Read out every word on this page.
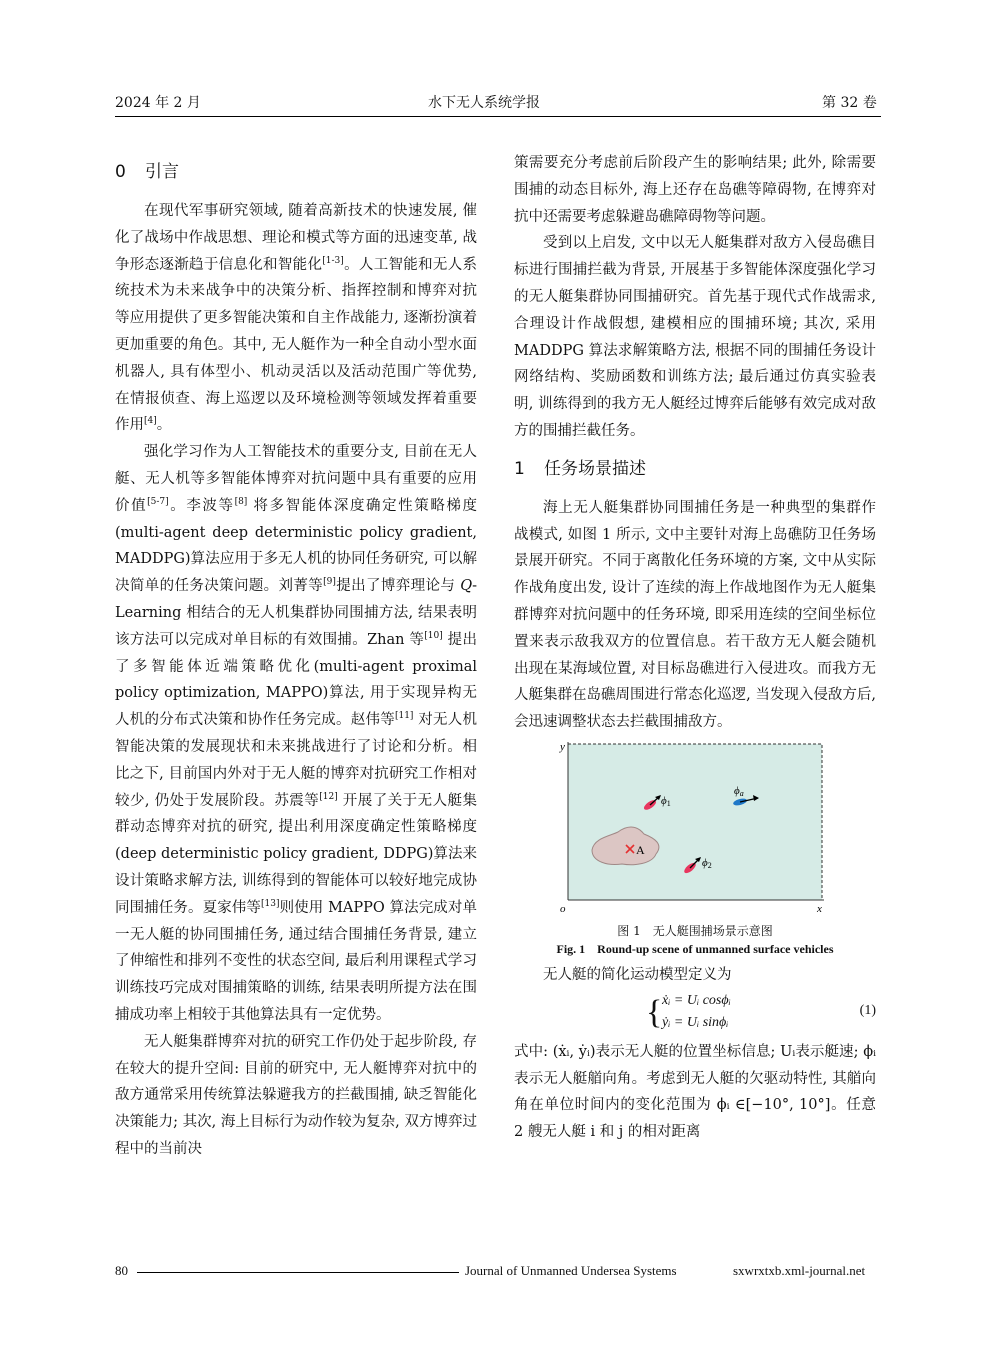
2024 年 2 月	水下无人系统学报	第 32 卷
0 引言

在现代军事研究领域, 随着高新技术的快速发展, 催化了战场中作战思想、理论和模式等方面的迅速变革, 战争形态逐渐趋于信息化和智能化[1-3]。人工智能和无人系统技术为未来战争中的决策分析、指挥控制和博弈对抗等应用提供了更多智能决策和自主作战能力, 逐渐扮演着更加重要的角色。其中, 无人艇作为一种全自动小型水面机器人, 具有体型小、机动灵活以及活动范围广等优势, 在情报侦查、海上巡逻以及环境检测等领域发挥着重要作用[4]。

强化学习作为人工智能技术的重要分支, 目前在无人艇、无人机等多智能体博弈对抗问题中具有重要的应用价值[5-7]。李波等[8] 将多智能体深度确定性策略梯度(multi-agent deep deterministic policy gradient, MADDPG)算法应用于多无人机的协同任务研究, 可以解决简单的任务决策问题。刘菁等[9]提出了博弈理论与 Q-Learning 相结合的无人机集群协同围捕方法, 结果表明该方法可以完成对单目标的有效围捕。Zhan 等[10] 提出了多智能体近端策略优化(multi-agent proximal policy optimization, MAPPO)算法, 用于实现异构无人机的分布式决策和协作任务完成。赵伟等[11] 对无人机智能决策的发展现状和未来挑战进行了讨论和分析。相比之下, 目前国内外对于无人艇的博弈对抗研究工作相对较少, 仍处于发展阶段。苏震等[12] 开展了关于无人艇集群动态博弈对抗的研究, 提出利用深度确定性策略梯度(deep deterministic policy gradient, DDPG)算法来设计策略求解方法, 训练得到的智能体可以较好地完成协同围捕任务。夏家伟等[13]则使用 MAPPO 算法完成对单一无人艇的协同围捕任务, 通过结合围捕任务背景, 建立了伸缩性和排列不变性的状态空间, 最后利用课程式学习训练技巧完成对围捕策略的训练, 结果表明所提方法在围捕成功率上相较于其他算法具有一定优势。

无人艇集群博弈对抗的研究工作仍处于起步阶段, 存在较大的提升空间: 目前的研究中, 无人艇博弈对抗中的敌方通常采用传统算法躲避我方的拦截围捕, 缺乏智能化决策能力; 其次, 海上目标行为动作较为复杂, 双方博弈过程中的当前决

策需要充分考虑前后阶段产生的影响结果; 此外, 除需要围捕的动态目标外, 海上还存在岛礁等障碍物, 在博弈对抗中还需要考虑躲避岛礁障碍物等问题。

受到以上启发, 文中以无人艇集群对敌方入侵岛礁目标进行围捕拦截为背景, 开展基于多智能体深度强化学习的无人艇集群协同围捕研究。首先基于现代式作战需求, 合理设计作战假想, 建模相应的围捕环境; 其次, 采用 MADDPG 算法求解策略方法, 根据不同的围捕任务设计网络结构、奖励函数和训练方法; 最后通过仿真实验表明, 训练得到的我方无人艇经过博弈后能够有效完成对敌方的围捕拦截任务。

1 任务场景描述

海上无人艇集群协同围捕任务是一种典型的集群作战模式, 如图 1 所示, 文中主要针对海上岛礁防卫任务场景展开研究。不同于离散化任务环境的方案, 文中从实际作战角度出发, 设计了连续的海上作战地图作为无人艇集群博弈对抗问题中的任务环境, 即采用连续的空间坐标位置来表示敌我双方的位置信息。若干敌方无人艇会随机出现在某海域位置, 对目标岛礁进行入侵进攻。而我方无人艇集群在岛礁周围进行常态化巡逻, 当发现入侵敌方后, 会迅速调整状态去拦截围捕敌方。

y
x
o
A
ϕ1
ϕa
ϕ2
图 1　无人艇围捕场景示意图
Fig. 1　Round-up scene of unmanned surface vehicles

无人艇的简化运动模型定义为

{ ẋᵢ = Uᵢ cosϕᵢ
ẏᵢ = Uᵢ sinϕᵢ
(1)

式中: (ẋᵢ, ẏᵢ)表示无人艇的位置坐标信息; Uᵢ表示艇速; ϕᵢ表示无人艇艏向角。考虑到无人艇的欠驱动特性, 其艏向角在单位时间内的变化范围为 ϕᵢ ∈[−10°, 10°]。任意 2 艘无人艇 i 和 j 的相对距离

80	Journal of Unmanned Undersea Systems	sxwrxtxb.xml-journal.net
